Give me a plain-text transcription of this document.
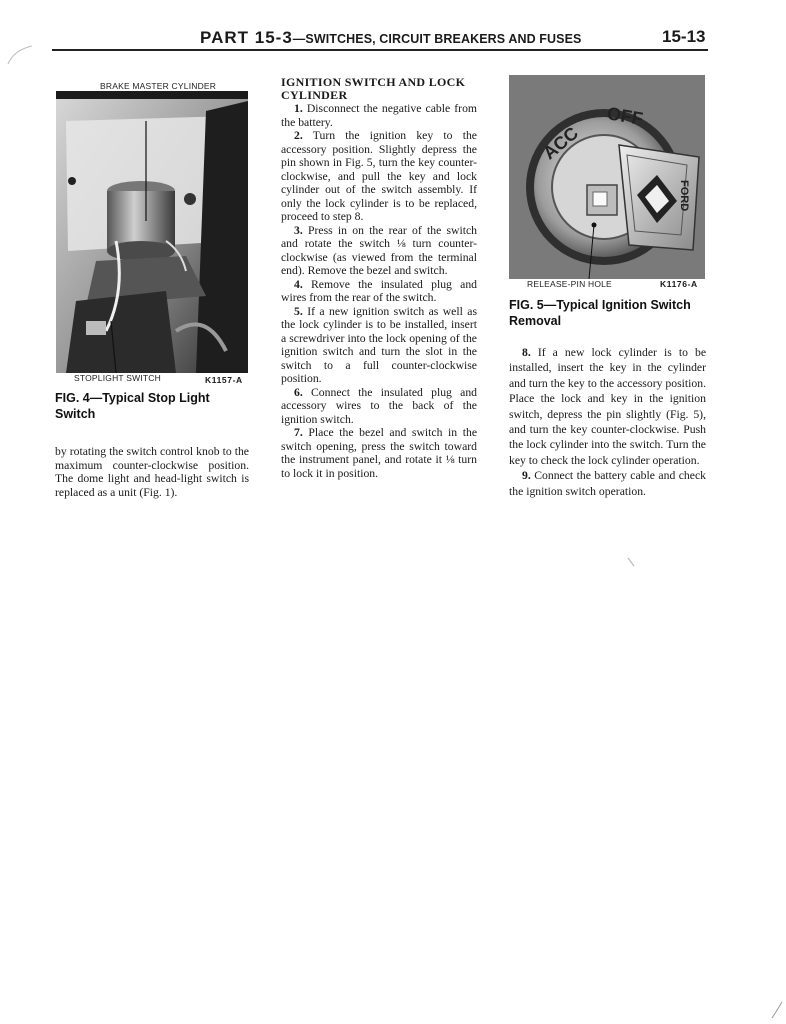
PART 15-3—SWITCHES, CIRCUIT BREAKERS AND FUSES	15-13
BRAKE MASTER CYLINDER
STOPLIGHT SWITCH	K1157-A
FIG. 4—Typical Stop Light Switch

by rotating the switch control knob to the maximum counter-clockwise position. The dome light and head-light switch is replaced as a unit (Fig. 1).

IGNITION SWITCH AND LOCK CYLINDER

1. Disconnect the negative cable from the battery.

2. Turn the ignition key to the accessory position. Slightly depress the pin shown in Fig. 5, turn the key counter-clockwise, and pull the key and lock cylinder out of the switch assembly. If only the lock cylinder is to be replaced, proceed to step 8.

3. Press in on the rear of the switch and rotate the switch ⅛ turn counter-clockwise (as viewed from the terminal end). Remove the bezel and switch.

4. Remove the insulated plug and wires from the rear of the switch.

5. If a new ignition switch as well as the lock cylinder is to be installed, insert a screwdriver into the lock opening of the ignition switch and turn the slot in the switch to a full counter-clockwise position.

6. Connect the insulated plug and accessory wires to the back of the ignition switch.

7. Place the bezel and switch in the switch opening, press the switch toward the instrument panel, and rotate it ⅛ turn to lock it in position.

ACC
OFF
FORD
RELEASE-PIN HOLE	K1176-A
FIG. 5—Typical Ignition Switch Removal

8. If a new lock cylinder is to be installed, insert the key in the cylinder and turn the key to the accessory position. Place the lock and key in the ignition switch, depress the pin slightly (Fig. 5), and turn the key counter-clockwise. Push the lock cylinder into the switch. Turn the key to check the lock cylinder operation.

9. Connect the battery cable and check the ignition switch operation.
